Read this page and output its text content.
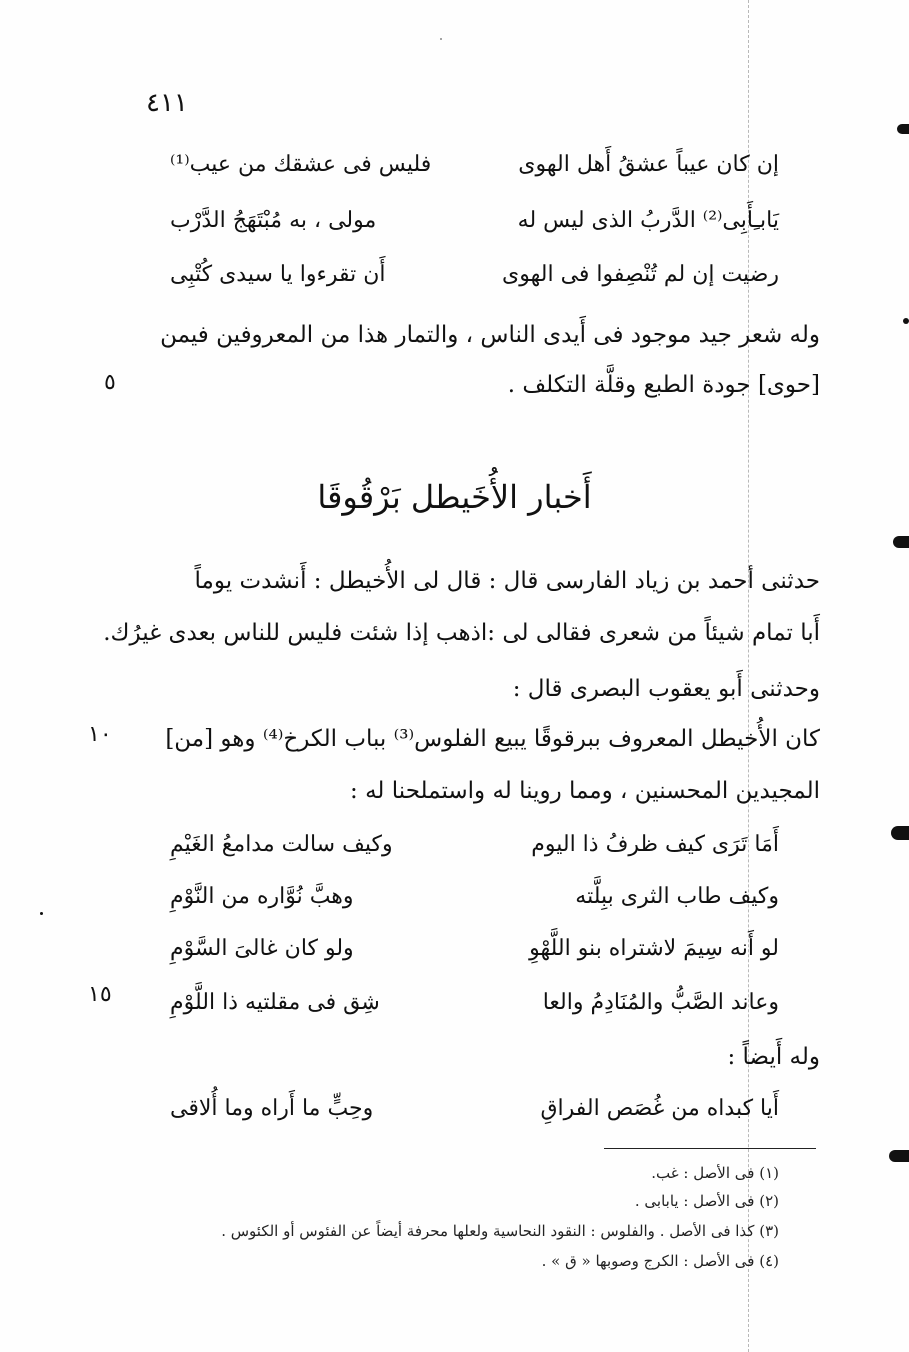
٤١١
إن كان عيباً عشقُ أَهل الهوى
فليس فى عشقك من عيب⁽¹⁾
يَابـِأَبِى⁽²⁾ الدَّربُ الذى ليس له
مولى ، به مُبْتَهَجُ الدَّرْب
رضيت إن لم تُنْصِفوا فى الهوى
أَن تقرءوا يا سيدى كُتْبِى
وله شعر جيد موجود فى أَيدى الناس ، والتمار هذا من المعروفين فيمن
[حوى] جودة الطبع وقلَّة التكلف .
٥
أَخبار الأُخَيطل بَرْقُوقَا
حدثنى أحمد بن زياد الفارسى قال : قال لى الأُخيطل : أَنشدت يوماً
أَبا تمام شيئاً من شعرى فقالى لى :اذهب إذا شئت فليس للناس بعدى غيرُك.
وحدثنى أَبو يعقوب البصرى قال :
كان الأُخيطل المعروف ببرقوقًا يبيع الفلوس⁽³⁾ بباب الكرخ⁽⁴⁾ وهو [من]
١٠
المجيدين المحسنين ، ومما روينا له واستملحنا له :
أَمَا تَرَى كيف ظرفُ ذا اليوم
وكيف سالت مدامعُ الغَيْمِ
وكيف طاب الثرى ببِلَّته
وهبَّ نُوَّاره من النَّوْمِ
لو أَنه سِيمَ لاشتراه بنو اللَّهْوِ
ولو كان غالىَ السَّوْمِ
وعاند الصَّبُّ والمُنَادِمُ والعا
شِق فى مقلتيه ذا اللَّوْمِ
١٥
وله أَيضاً :
أَيا كبداه من غُصَص الفراقِ
وحِبٍّ ما أَراه وما أُلاقى
(١) فى الأصل : غب.
(٢) فى الأصل : يابابى .
(٣) كذا فى الأصل . والفلوس : النقود النحاسية ولعلها محرفة أيضاً عن الفئوس أو الكئوس .
(٤) فى الأصل : الكرج وصوبها « ق » .
